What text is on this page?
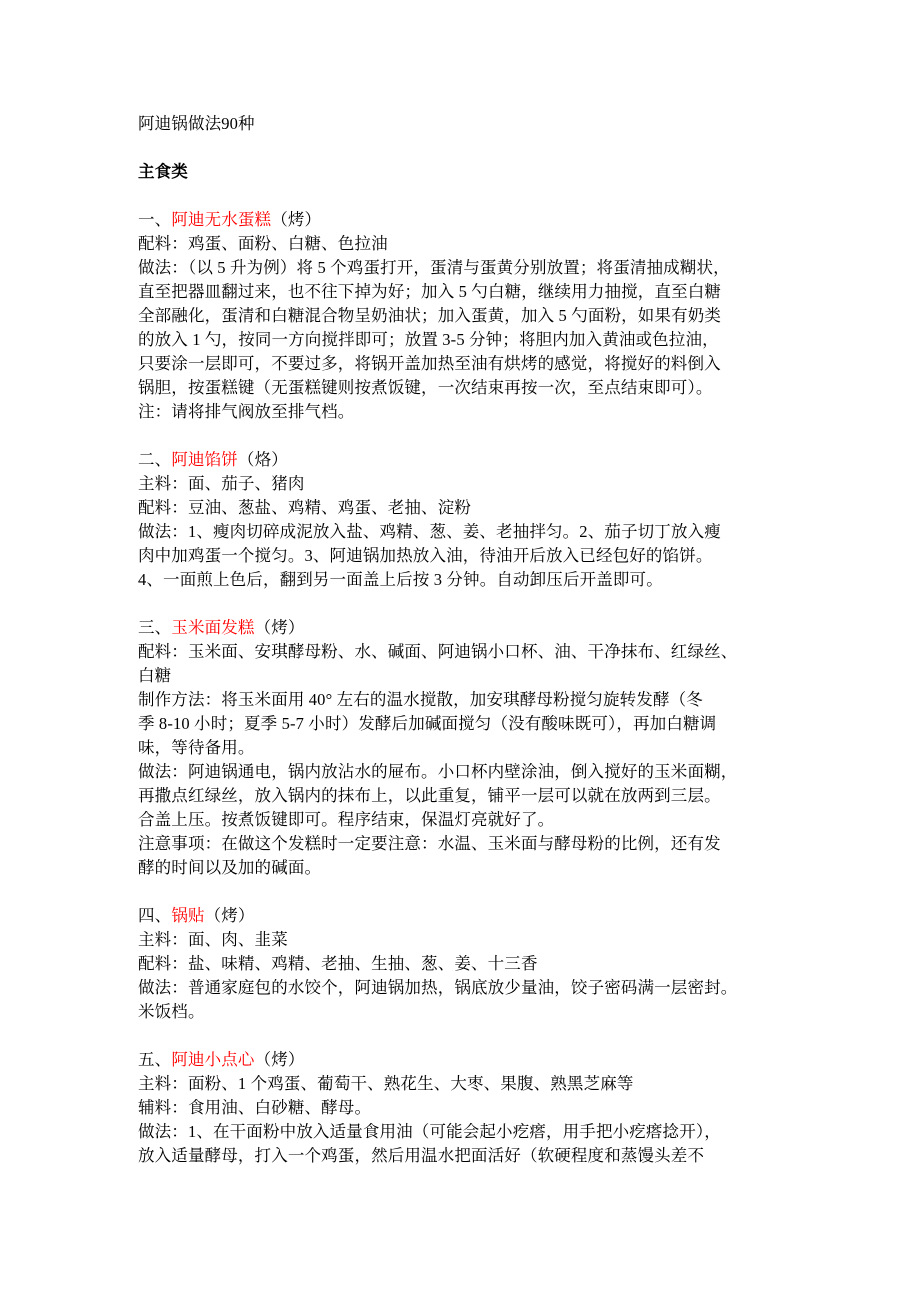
阿迪锅做法90种
主食类
一、阿迪无水蛋糕（烤）
配料：鸡蛋、面粉、白糖、色拉油
做法：（以 5 升为例）将 5 个鸡蛋打开，蛋清与蛋黄分别放置；将蛋清抽成糊状，
直至把器皿翻过来，也不往下掉为好；加入 5 勺白糖，继续用力抽搅，直至白糖
全部融化，蛋清和白糖混合物呈奶油状；加入蛋黄，加入 5 勺面粉，如果有奶类
的放入 1 勺，按同一方向搅拌即可；放置 3-5 分钟；将胆内加入黄油或色拉油，
只要涂一层即可，不要过多，将锅开盖加热至油有烘烤的感觉，将搅好的料倒入
锅胆，按蛋糕键（无蛋糕键则按煮饭键，一次结束再按一次，至点结束即可）。
注：请将排气阀放至排气档。
二、阿迪馅饼（烙）
主料：面、茄子、猪肉
配料：豆油、葱盐、鸡精、鸡蛋、老抽、淀粉
做法：1、瘦肉切碎成泥放入盐、鸡精、葱、姜、老抽拌匀。2、茄子切丁放入瘦
肉中加鸡蛋一个搅匀。3、阿迪锅加热放入油，待油开后放入已经包好的馅饼。
4、一面煎上色后，翻到另一面盖上后按 3 分钟。自动卸压后开盖即可。
三、玉米面发糕（烤）
配料：玉米面、安琪酵母粉、水、碱面、阿迪锅小口杯、油、干净抹布、红绿丝、
白糖
制作方法：将玉米面用 40° 左右的温水搅散，加安琪酵母粉搅匀旋转发酵（冬
季 8-10 小时；夏季 5-7 小时）发酵后加碱面搅匀（没有酸味既可），再加白糖调
味，等待备用。
做法：阿迪锅通电，锅内放沾水的屉布。小口杯内壁涂油，倒入搅好的玉米面糊，
再撒点红绿丝，放入锅内的抹布上，以此重复，铺平一层可以就在放两到三层。
合盖上压。按煮饭键即可。程序结束，保温灯亮就好了。
注意事项：在做这个发糕时一定要注意：水温、玉米面与酵母粉的比例，还有发
酵的时间以及加的碱面。
四、锅贴（烤）
主料：面、肉、韭菜
配料：盐、味精、鸡精、老抽、生抽、葱、姜、十三香
做法：普通家庭包的水饺个，阿迪锅加热，锅底放少量油，饺子密码满一层密封。
米饭档。
五、阿迪小点心（烤）
主料：面粉、1 个鸡蛋、葡萄干、熟花生、大枣、果腹、熟黑芝麻等
辅料：食用油、白砂糖、酵母。
做法：1、在干面粉中放入适量食用油（可能会起小疙瘩，用手把小疙瘩捻开），
放入适量酵母，打入一个鸡蛋，然后用温水把面活好（软硬程度和蒸馒头差不
